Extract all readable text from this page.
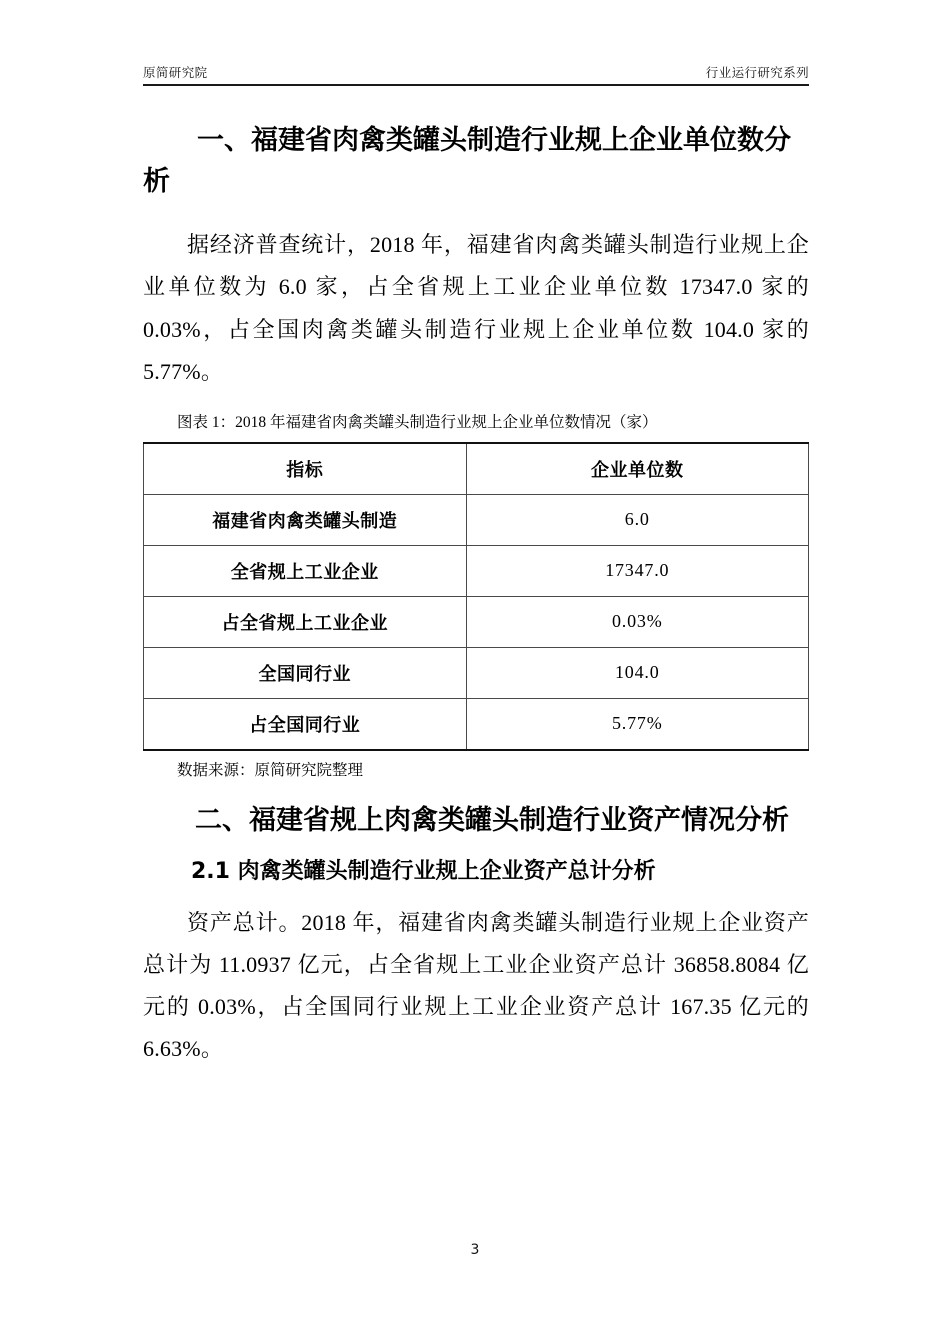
原简研究院	行业运行研究系列
一、福建省肉禽类罐头制造行业规上企业单位数分析

据经济普查统计，2018 年，福建省肉禽类罐头制造行业规上企业单位数为 6.0 家，占全省规上工业企业单位数 17347.0 家的 0.03%，占全国肉禽类罐头制造行业规上企业单位数 104.0 家的 5.77%。

图表 1：2018 年福建省肉禽类罐头制造行业规上企业单位数情况（家）

指标	企业单位数
福建省肉禽类罐头制造	6.0
全省规上工业企业	17347.0
占全省规上工业企业	0.03%
全国同行业	104.0
占全国同行业	5.77%

数据来源：原简研究院整理

二、福建省规上肉禽类罐头制造行业资产情况分析
2.1 肉禽类罐头制造行业规上企业资产总计分析

资产总计。2018 年，福建省肉禽类罐头制造行业规上企业资产总计为 11.0937 亿元，占全省规上工业企业资产总计 36858.8084 亿元的 0.03%，占全国同行业规上工业企业资产总计 167.35 亿元的 6.63%。

3
